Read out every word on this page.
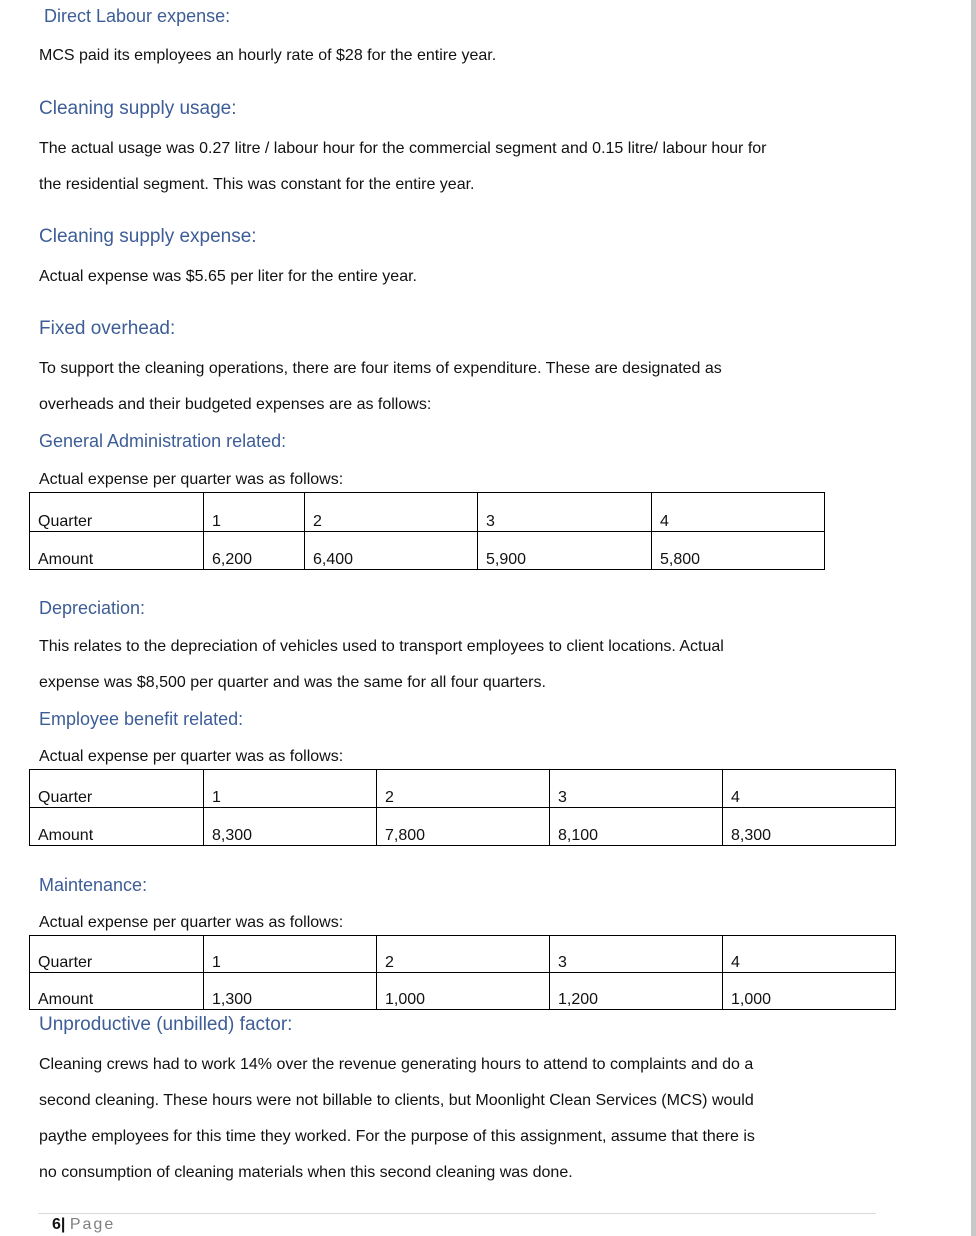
Direct Labour expense:
MCS paid its employees an hourly rate of $28 for the entire year.
Cleaning supply usage:
The actual usage was 0.27 litre / labour hour for the commercial segment and 0.15 litre/ labour hour for
the residential segment. This was constant for the entire year.
Cleaning supply expense:
Actual expense was $5.65 per liter for the entire year.
Fixed overhead:
To support the cleaning operations, there are four items of expenditure. These are designated as
overheads and their budgeted expenses are as follows:
General Administration related:
Actual expense per quarter was as follows:
Quarter	1	2	3	4
Amount	6,200	6,400	5,900	5,800
Depreciation:
This relates to the depreciation of vehicles used to transport employees to client locations. Actual
expense was $8,500 per quarter and was the same for all four quarters.
Employee benefit related:
Actual expense per quarter was as follows:
Quarter	1	2	3	4
Amount	8,300	7,800	8,100	8,300
Maintenance:
Actual expense per quarter was as follows:
Quarter	1	2	3	4
Amount	1,300	1,000	1,200	1,000
Unproductive (unbilled) factor:
Cleaning crews had to work 14% over the revenue generating hours to attend to complaints and do a
second cleaning. These hours were not billable to clients, but Moonlight Clean Services (MCS) would
paythe employees for this time they worked. For the purpose of this assignment, assume that there is
no consumption of cleaning materials when this second cleaning was done.
6| Page
